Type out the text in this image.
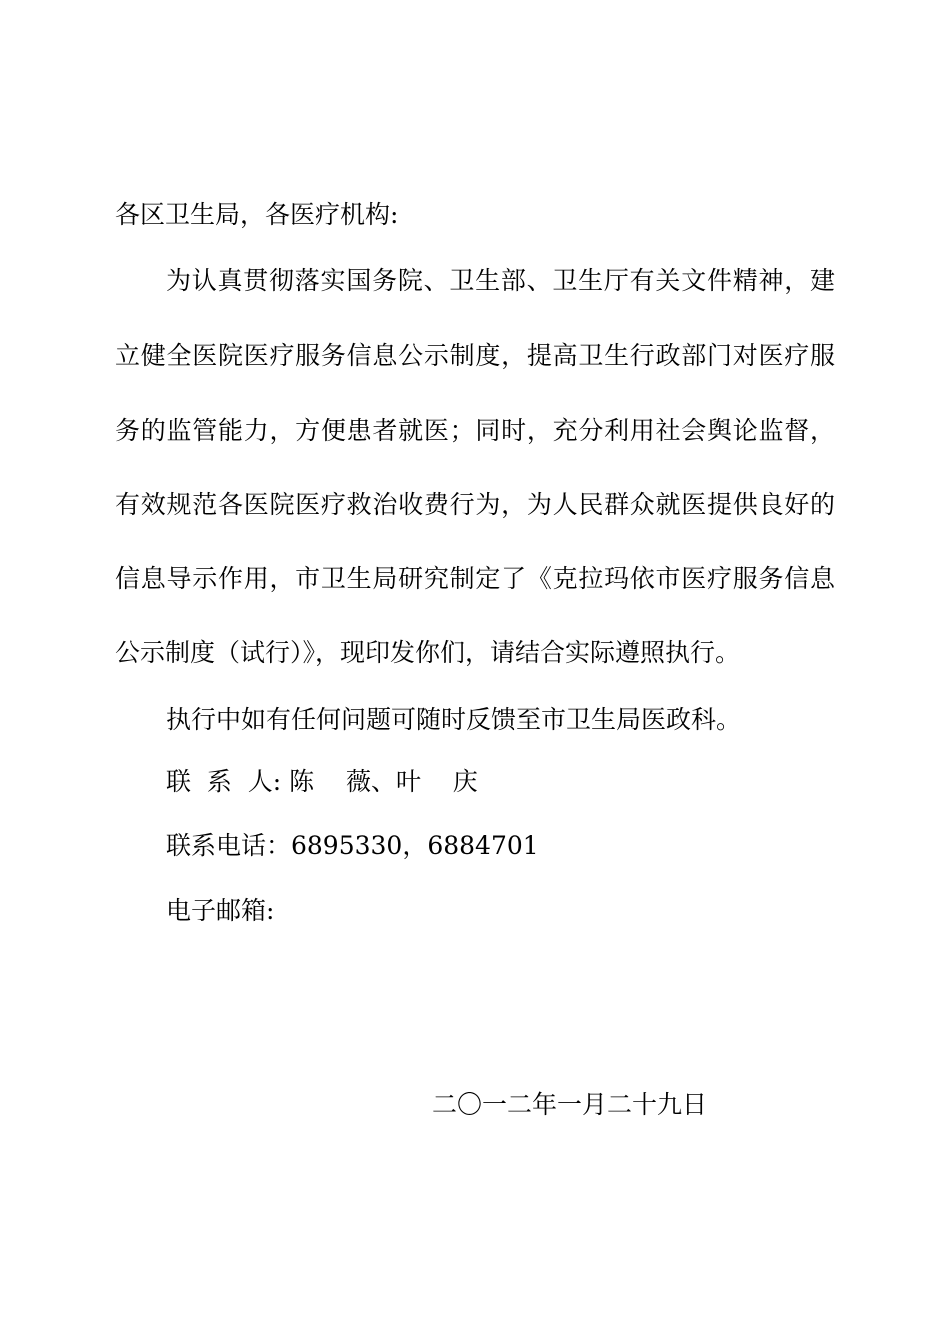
各区卫生局，各医疗机构:
为认真贯彻落实国务院、卫生部、卫生厅有关文件精神，建
立健全医院医疗服务信息公示制度，提高卫生行政部门对医疗服
务的监管能力，方便患者就医；同时，充分利用社会舆论监督，
有效规范各医院医疗救治收费行为，为人民群众就医提供良好的
信息导示作用，市卫生局研究制定了《克拉玛依市医疗服务信息
公示制度（试行）》，现印发你们，请结合实际遵照执行。
执行中如有任何问题可随时反馈至市卫生局医政科。
联  系  人: 陈    薇、叶    庆
联系电话：6895330，6884701
电子邮箱:
二〇一二年一月二十九日
